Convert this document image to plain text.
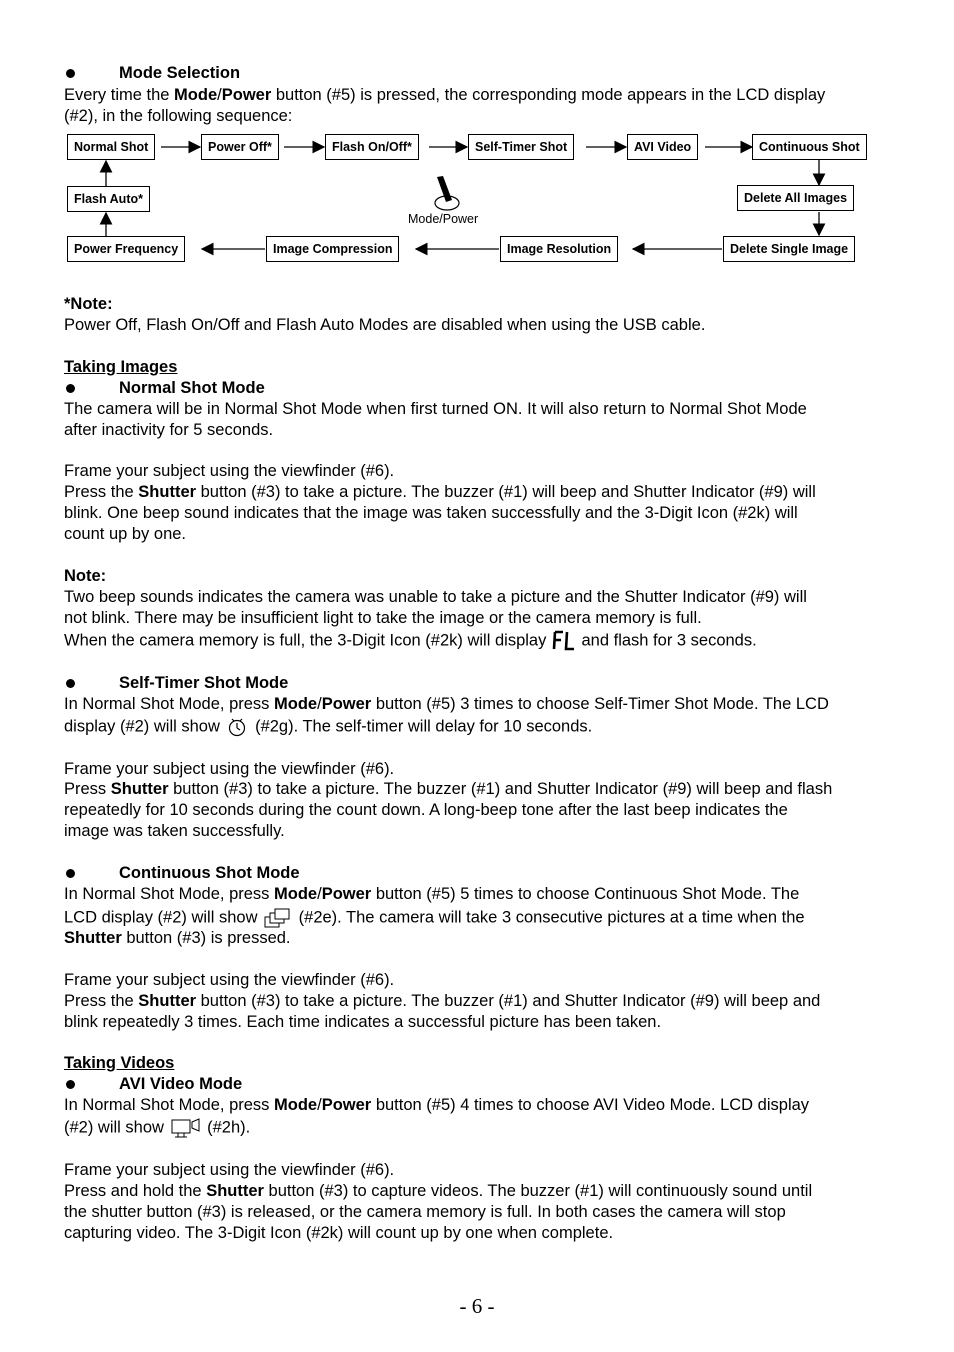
Mode Selection
Every time the Mode/Power button (#5) is pressed, the corresponding mode appears in the LCD display
(#2), in the following sequence:
Normal Shot	Power Off*	Flash On/Off*	Self-Timer Shot	AVI Video	Continuous Shot
Flash Auto*	Delete All Images
Power Frequency	Image Compression	Image Resolution	Delete Single Image
Mode/Power
*Note:
Power Off, Flash On/Off and Flash Auto Modes are disabled when using the USB cable.
Taking Images
Normal Shot Mode
The camera will be in Normal Shot Mode when first turned ON. It will also return to Normal Shot Mode
after inactivity for 5 seconds.
Frame your subject using the viewfinder (#6).
Press the Shutter button (#3) to take a picture. The buzzer (#1) will beep and Shutter Indicator (#9) will
blink. One beep sound indicates that the image was taken successfully and the 3-Digit Icon (#2k) will
count up by one.
Note:
Two beep sounds indicates the camera was unable to take a picture and the Shutter Indicator (#9) will
not blink. There may be insufficient light to take the image or the camera memory is full.
When the camera memory is full, the 3-Digit Icon (#2k) will display  and flash for 3 seconds.
Self-Timer Shot Mode
In Normal Shot Mode, press Mode/Power button (#5) 3 times to choose Self-Timer Shot Mode. The LCD
display (#2) will show  (#2g). The self-timer will delay for 10 seconds.
Frame your subject using the viewfinder (#6).
Press Shutter button (#3) to take a picture. The buzzer (#1) and Shutter Indicator (#9) will beep and flash
repeatedly for 10 seconds during the count down. A long-beep tone after the last beep indicates the
image was taken successfully.
Continuous Shot Mode
In Normal Shot Mode, press Mode/Power button (#5) 5 times to choose Continuous Shot Mode. The
LCD display (#2) will show  (#2e). The camera will take 3 consecutive pictures at a time when the
Shutter button (#3) is pressed.
Frame your subject using the viewfinder (#6).
Press the Shutter button (#3) to take a picture. The buzzer (#1) and Shutter Indicator (#9) will beep and
blink repeatedly 3 times. Each time indicates a successful picture has been taken.
Taking Videos
AVI Video Mode
In Normal Shot Mode, press Mode/Power button (#5) 4 times to choose AVI Video Mode. LCD display
(#2) will show  (#2h).
Frame your subject using the viewfinder (#6).
Press and hold the Shutter button (#3) to capture videos. The buzzer (#1) will continuously sound until
the shutter button (#3) is released, or the camera memory is full. In both cases the camera will stop
capturing video. The 3-Digit Icon (#2k) will count up by one when complete.
- 6 -
